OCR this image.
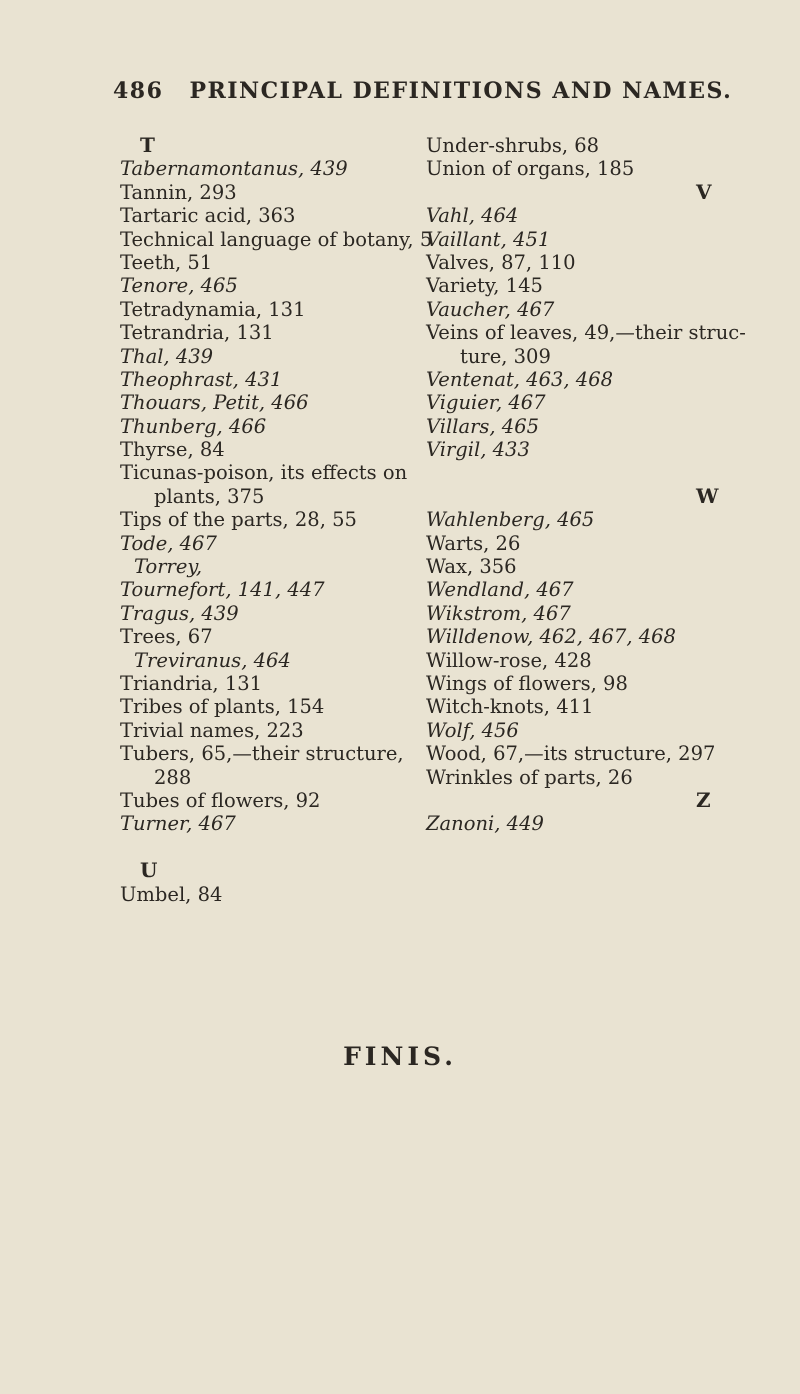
486 PRINCIPAL DEFINITIONS AND NAMES.
T
Tabernamontanus, 439
Tannin, 293
Tartaric acid, 363
Technical language of botany, 5
Teeth, 51
Tenore, 465
Tetradynamia, 131
Tetrandria, 131
Thal, 439
Theophrast, 431
Thouars, Petit, 466
Thunberg, 466
Thyrse, 84
Ticunas-poison, its effects on
plants, 375
Tips of the parts, 28, 55
Tode, 467
Torrey,
Tournefort, 141, 447
Tragus, 439
Trees, 67
Treviranus, 464
Triandria, 131
Tribes of plants, 154
Trivial names, 223
Tubers, 65,—their structure,
288
Tubes of flowers, 92
Turner, 467
U
Umbel, 84
Under-shrubs, 68
Union of organs, 185
V
Vahl, 464
Vaillant, 451
Valves, 87, 110
Variety, 145
Vaucher, 467
Veins of leaves, 49,—their struc-
ture, 309
Ventenat, 463, 468
Viguier, 467
Villars, 465
Virgil, 433
W
Wahlenberg, 465
Warts, 26
Wax, 356
Wendland, 467
Wikstrom, 467
Willdenow, 462, 467, 468
Willow-rose, 428
Wings of flowers, 98
Witch-knots, 411
Wolf, 456
Wood, 67,—its structure, 297
Wrinkles of parts, 26
Z
Zanoni, 449
FINIS.
